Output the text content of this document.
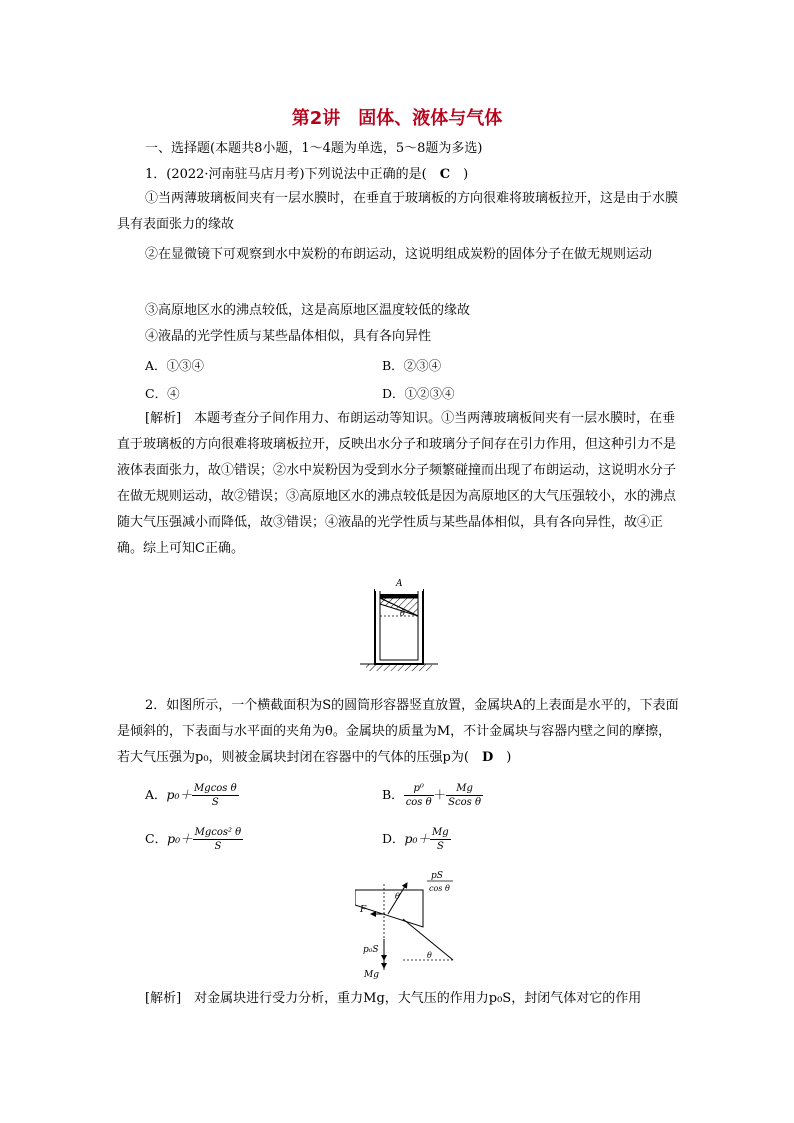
第2讲　固体、液体与气体
一、选择题(本题共8小题，1～4题为单选，5～8题为多选)
1．(2022·河南驻马店月考)下列说法中正确的是(　C　)
①当两薄玻璃板间夹有一层水膜时，在垂直于玻璃板的方向很难将玻璃板拉开，这是由于水膜具有表面张力的缘故
②在显微镜下可观察到水中炭粉的布朗运动，这说明组成炭粉的固体分子在做无规则运动
③高原地区水的沸点较低，这是高原地区温度较低的缘故
④液晶的光学性质与某些晶体相似，具有各向异性
A．①③④	B．②③④
C．④	D．①②③④
[解析]　本题考查分子间作用力、布朗运动等知识。①当两薄玻璃板间夹有一层水膜时，在垂直于玻璃板的方向很难将玻璃板拉开，反映出水分子和玻璃分子间存在引力作用，但这种引力不是液体表面张力，故①错误；②水中炭粉因为受到水分子频繁碰撞而出现了布朗运动，这说明水分子在做无规则运动，故②错误；③高原地区水的沸点较低是因为高原地区的大气压强较小，水的沸点随大气压强减小而降低，故③错误；④液晶的光学性质与某些晶体相似，具有各向异性，故④正确。综上可知C正确。
A
θ
2．如图所示，一个横截面积为S的圆筒形容器竖直放置，金属块A的上表面是水平的，下表面是倾斜的，下表面与水平面的夹角为θ。金属块的质量为M，不计金属块与容器内壁之间的摩擦，若大气压强为p₀，则被金属块封闭在容器中的气体的压强p为(　D　)
A．$p_0+ \frac{\text{Mgcos θ}}{S}$	B． $\frac{\text{p⁰}}{\text{cos θ}} + \frac{Mg}{\text{Scos θ}}$
C．$p_0+ \frac{\text{Mgcos² θ}}{S}$	D．$p_0+ \frac{Mg}{S}$
pS
cos θ
θ
F
p₀S
Mg
θ
[解析]　对金属块进行受力分析，重力Mg，大气压的作用力p₀S，封闭气体对它的作用
